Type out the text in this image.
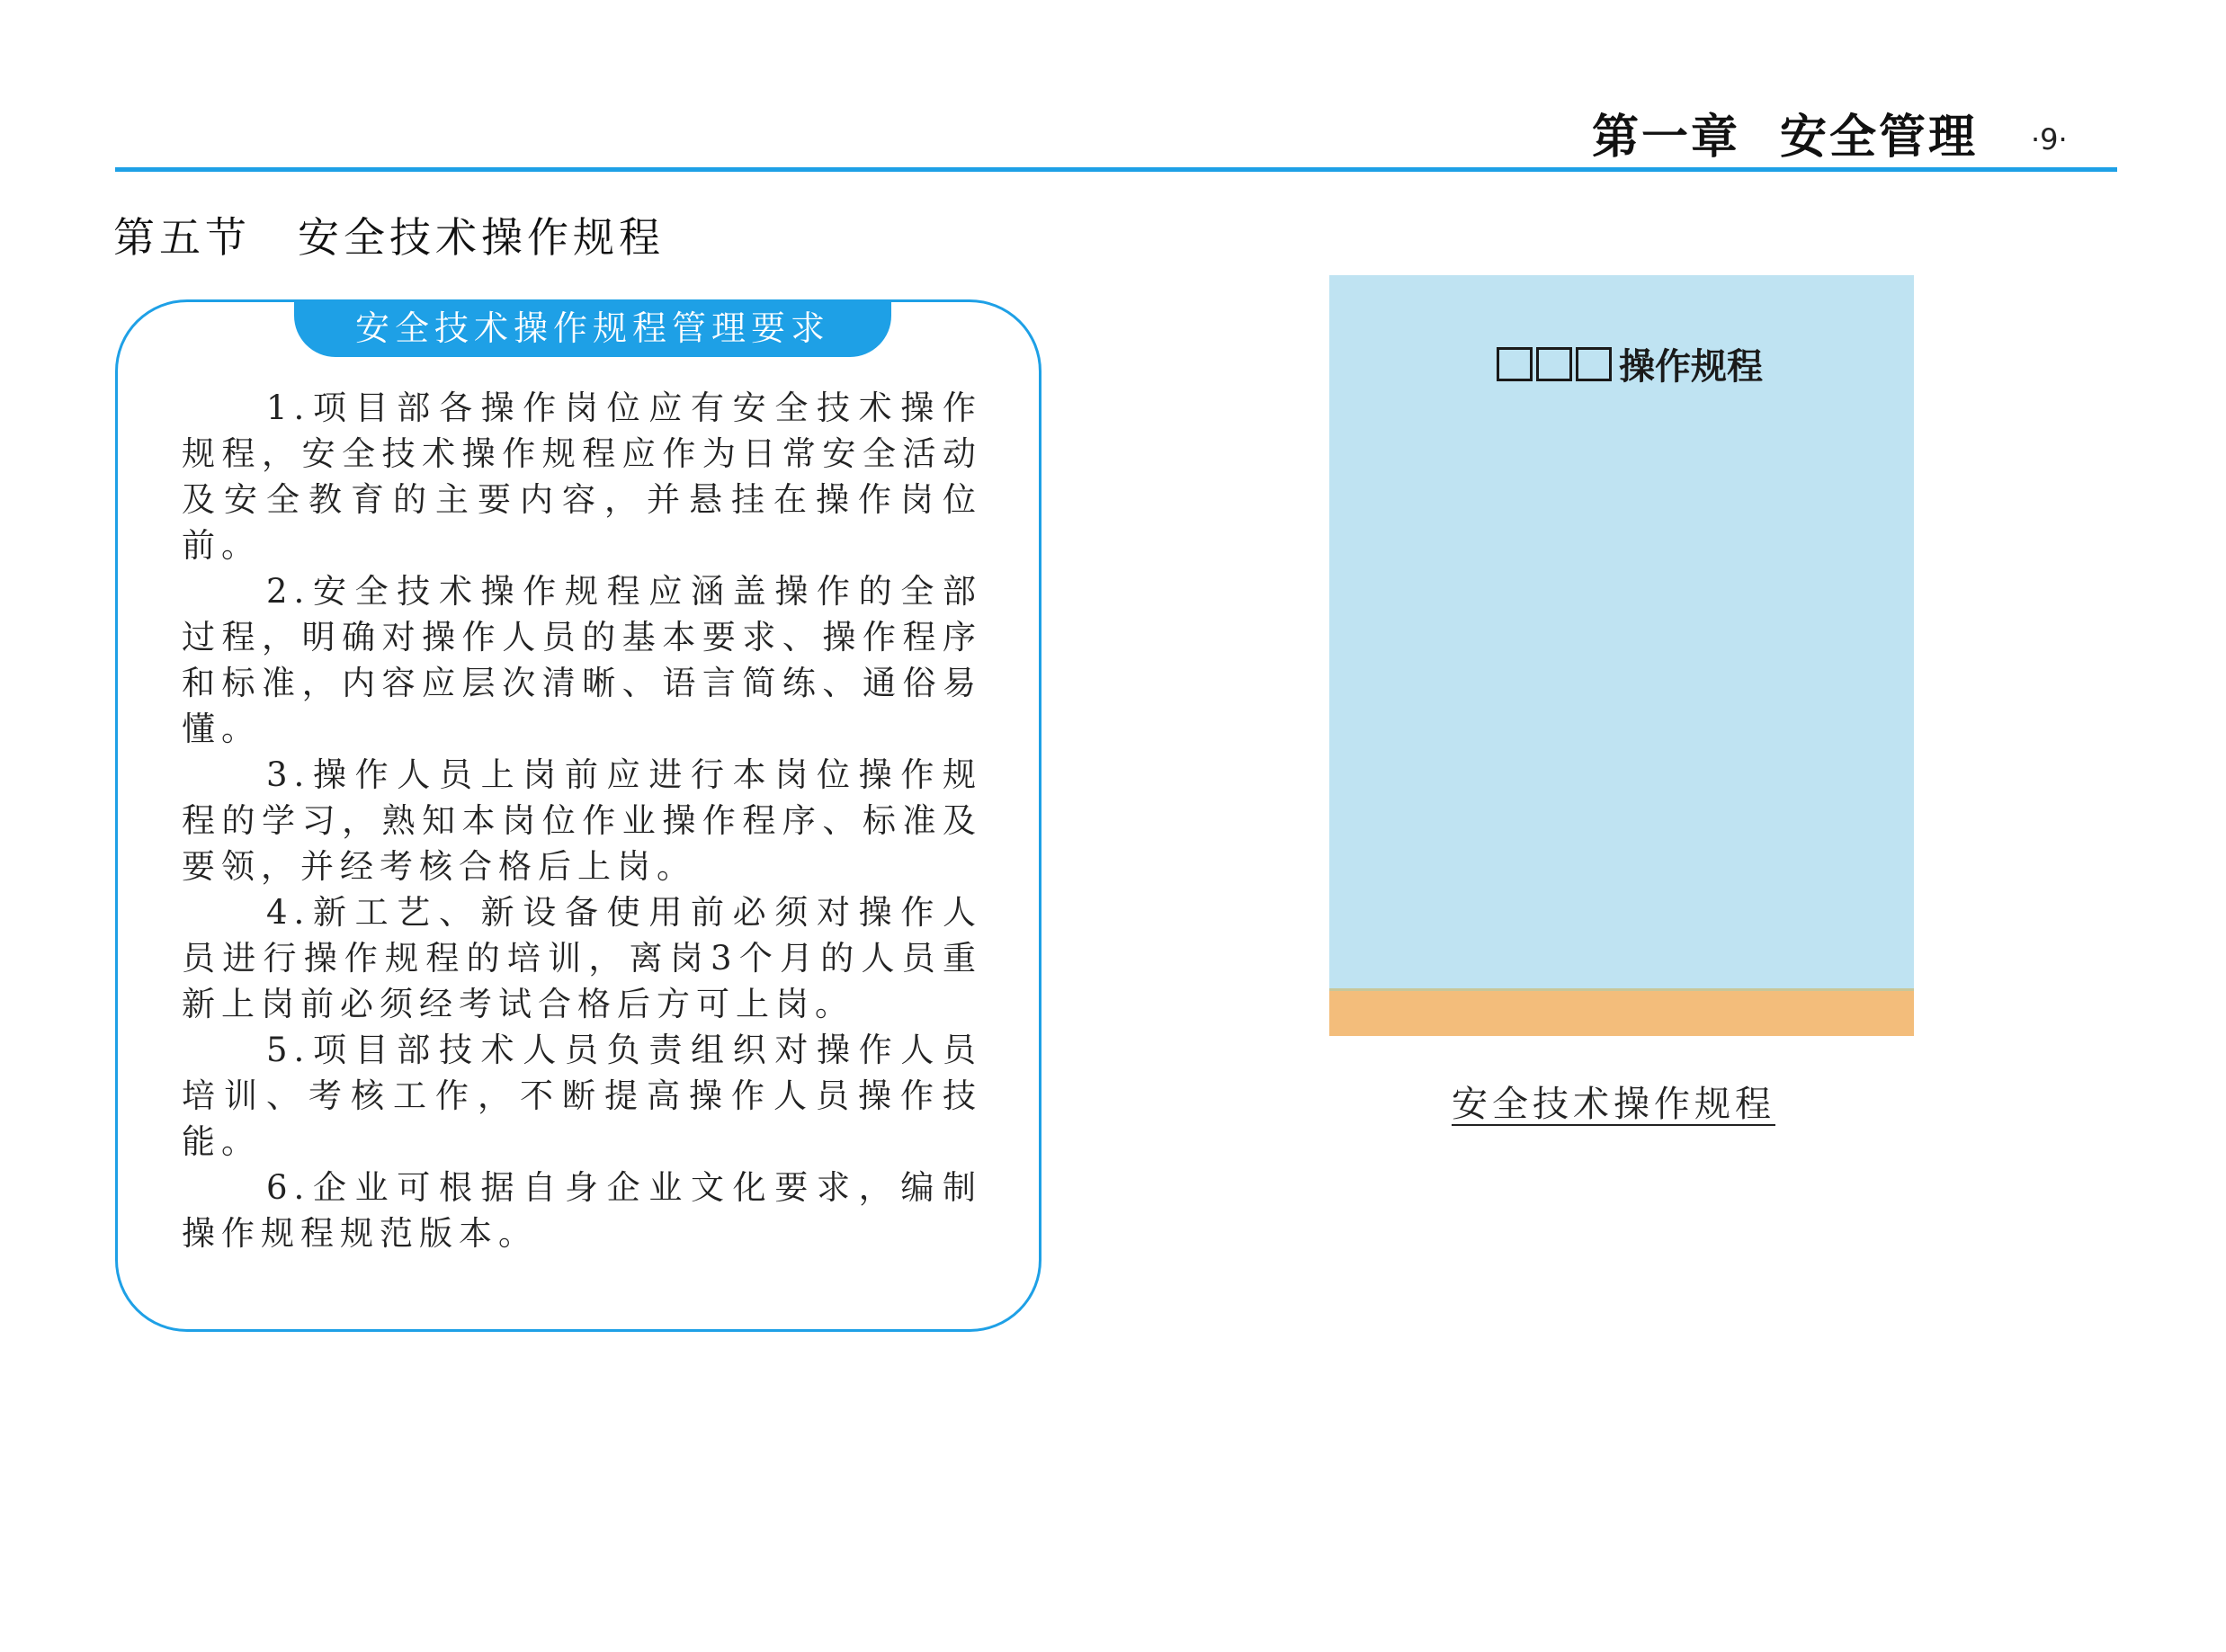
第一章 安全管理 ·9·
第五节 安全技术操作规程
安全技术操作规程管理要求

1.项目部各操作岗位应有安全技术操作规程，安全技术操作规程应作为日常安全活动及安全教育的主要内容，并悬挂在操作岗位前。

2.安全技术操作规程应涵盖操作的全部过程，明确对操作人员的基本要求、操作程序和标准，内容应层次清晰、语言简练、通俗易懂。

3.操作人员上岗前应进行本岗位操作规程的学习，熟知本岗位作业操作程序、标准及要领，并经考核合格后上岗。

4.新工艺、新设备使用前必须对操作人员进行操作规程的培训，离岗3个月的人员重新上岗前必须经考试合格后方可上岗。

5.项目部技术人员负责组织对操作人员培训、考核工作，不断提高操作人员操作技能。

6.企业可根据自身企业文化要求，编制操作规程规范版本。

操作规程
安全技术操作规程
